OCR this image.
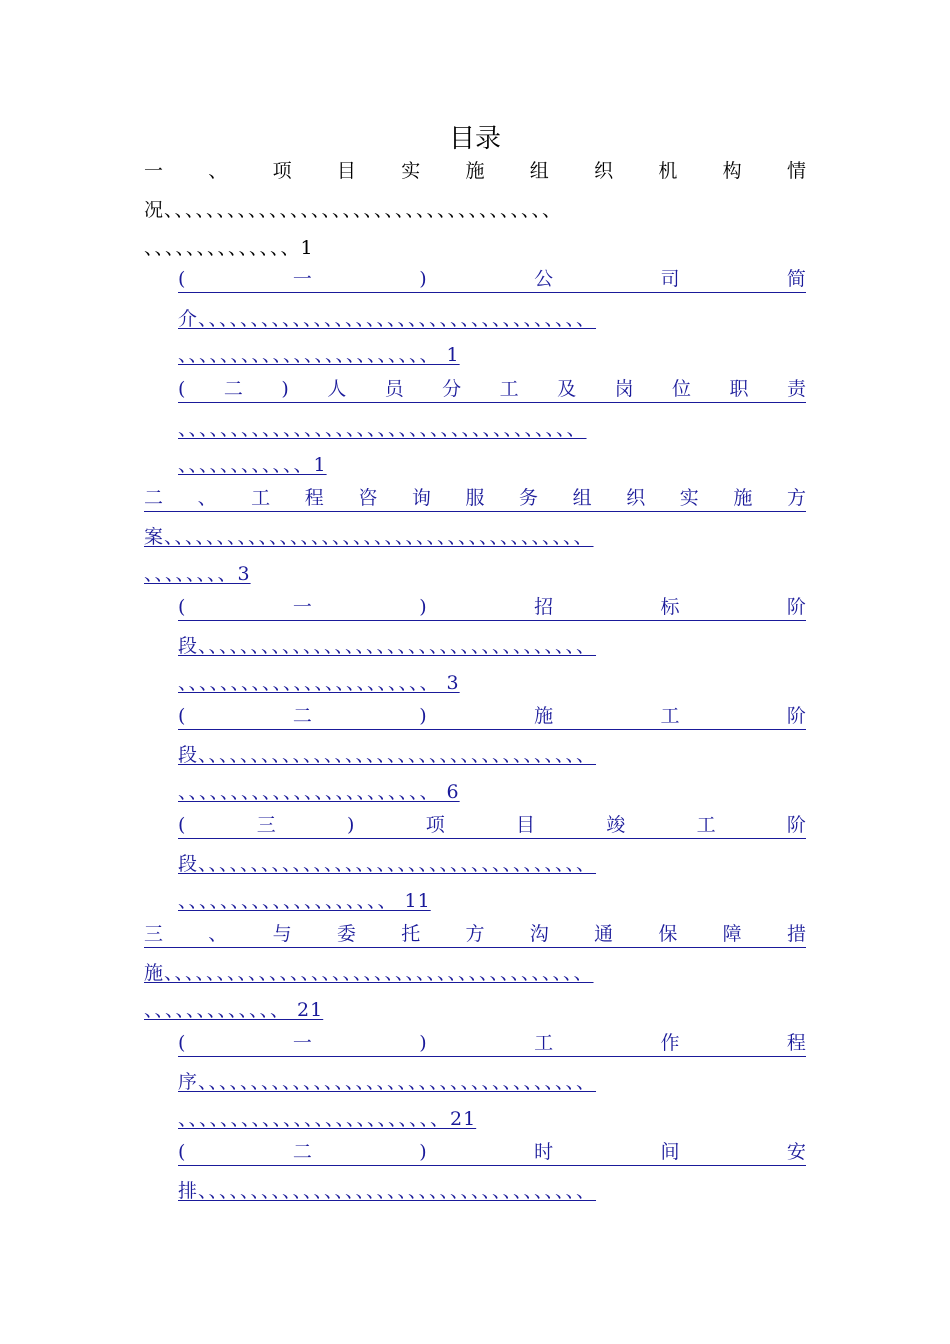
目录
一 、 项 目 实 施 组 织 机 构 情
况、、、、、、、、、、、、、、、、、、、、、、、、、、、、、、、、、、、、、
、、、、、、、、、、、、、、1
(	一	)	公	司	简
介、、、、、、、、、、、、、、、、、、、、、、、、、、、、、、、、、、、、、
、、、、、、、、、、、、、、、、、、、、、、、、 1
( 二 ) 人 员 分 工 及 岗 位 职 责
、、、、、、、、、、、、、、、、、、、、、、、、、、、、、、、、、、、、、、
、、、、、、、、、、、、1
二 、 工 程 咨 询 服 务 组 织 实 施 方
案、、、、、、、、、、、、、、、、、、、、、、、、、、、、、、、、、、、、、、、、
、、、、、、、、3
(	一	)	招	标	阶
段、、、、、、、、、、、、、、、、、、、、、、、、、、、、、、、、、、、、、
、、、、、、、、、、、、、、、、、、、、、、、、 3
(	二	)	施	工	阶
段、、、、、、、、、、、、、、、、、、、、、、、、、、、、、、、、、、、、、
、、、、、、、、、、、、、、、、、、、、、、、、 6
(	三	)	项	目	竣	工	阶
段、、、、、、、、、、、、、、、、、、、、、、、、、、、、、、、、、、、、、
、、、、、、、、、、、、、、、、、、、、 11
三 、 与 委 托 方 沟 通 保 障 措
施、、、、、、、、、、、、、、、、、、、、、、、、、、、、、、、、、、、、、、、、
、、、、、、、、、、、、、 21
(	一	)	工	作	程
序、、、、、、、、、、、、、、、、、、、、、、、、、、、、、、、、、、、、、
、、、、、、、、、、、、、、、、、、、、、、、、、21
(	二	)	时	间	安
排、、、、、、、、、、、、、、、、、、、、、、、、、、、、、、、、、、、、、
